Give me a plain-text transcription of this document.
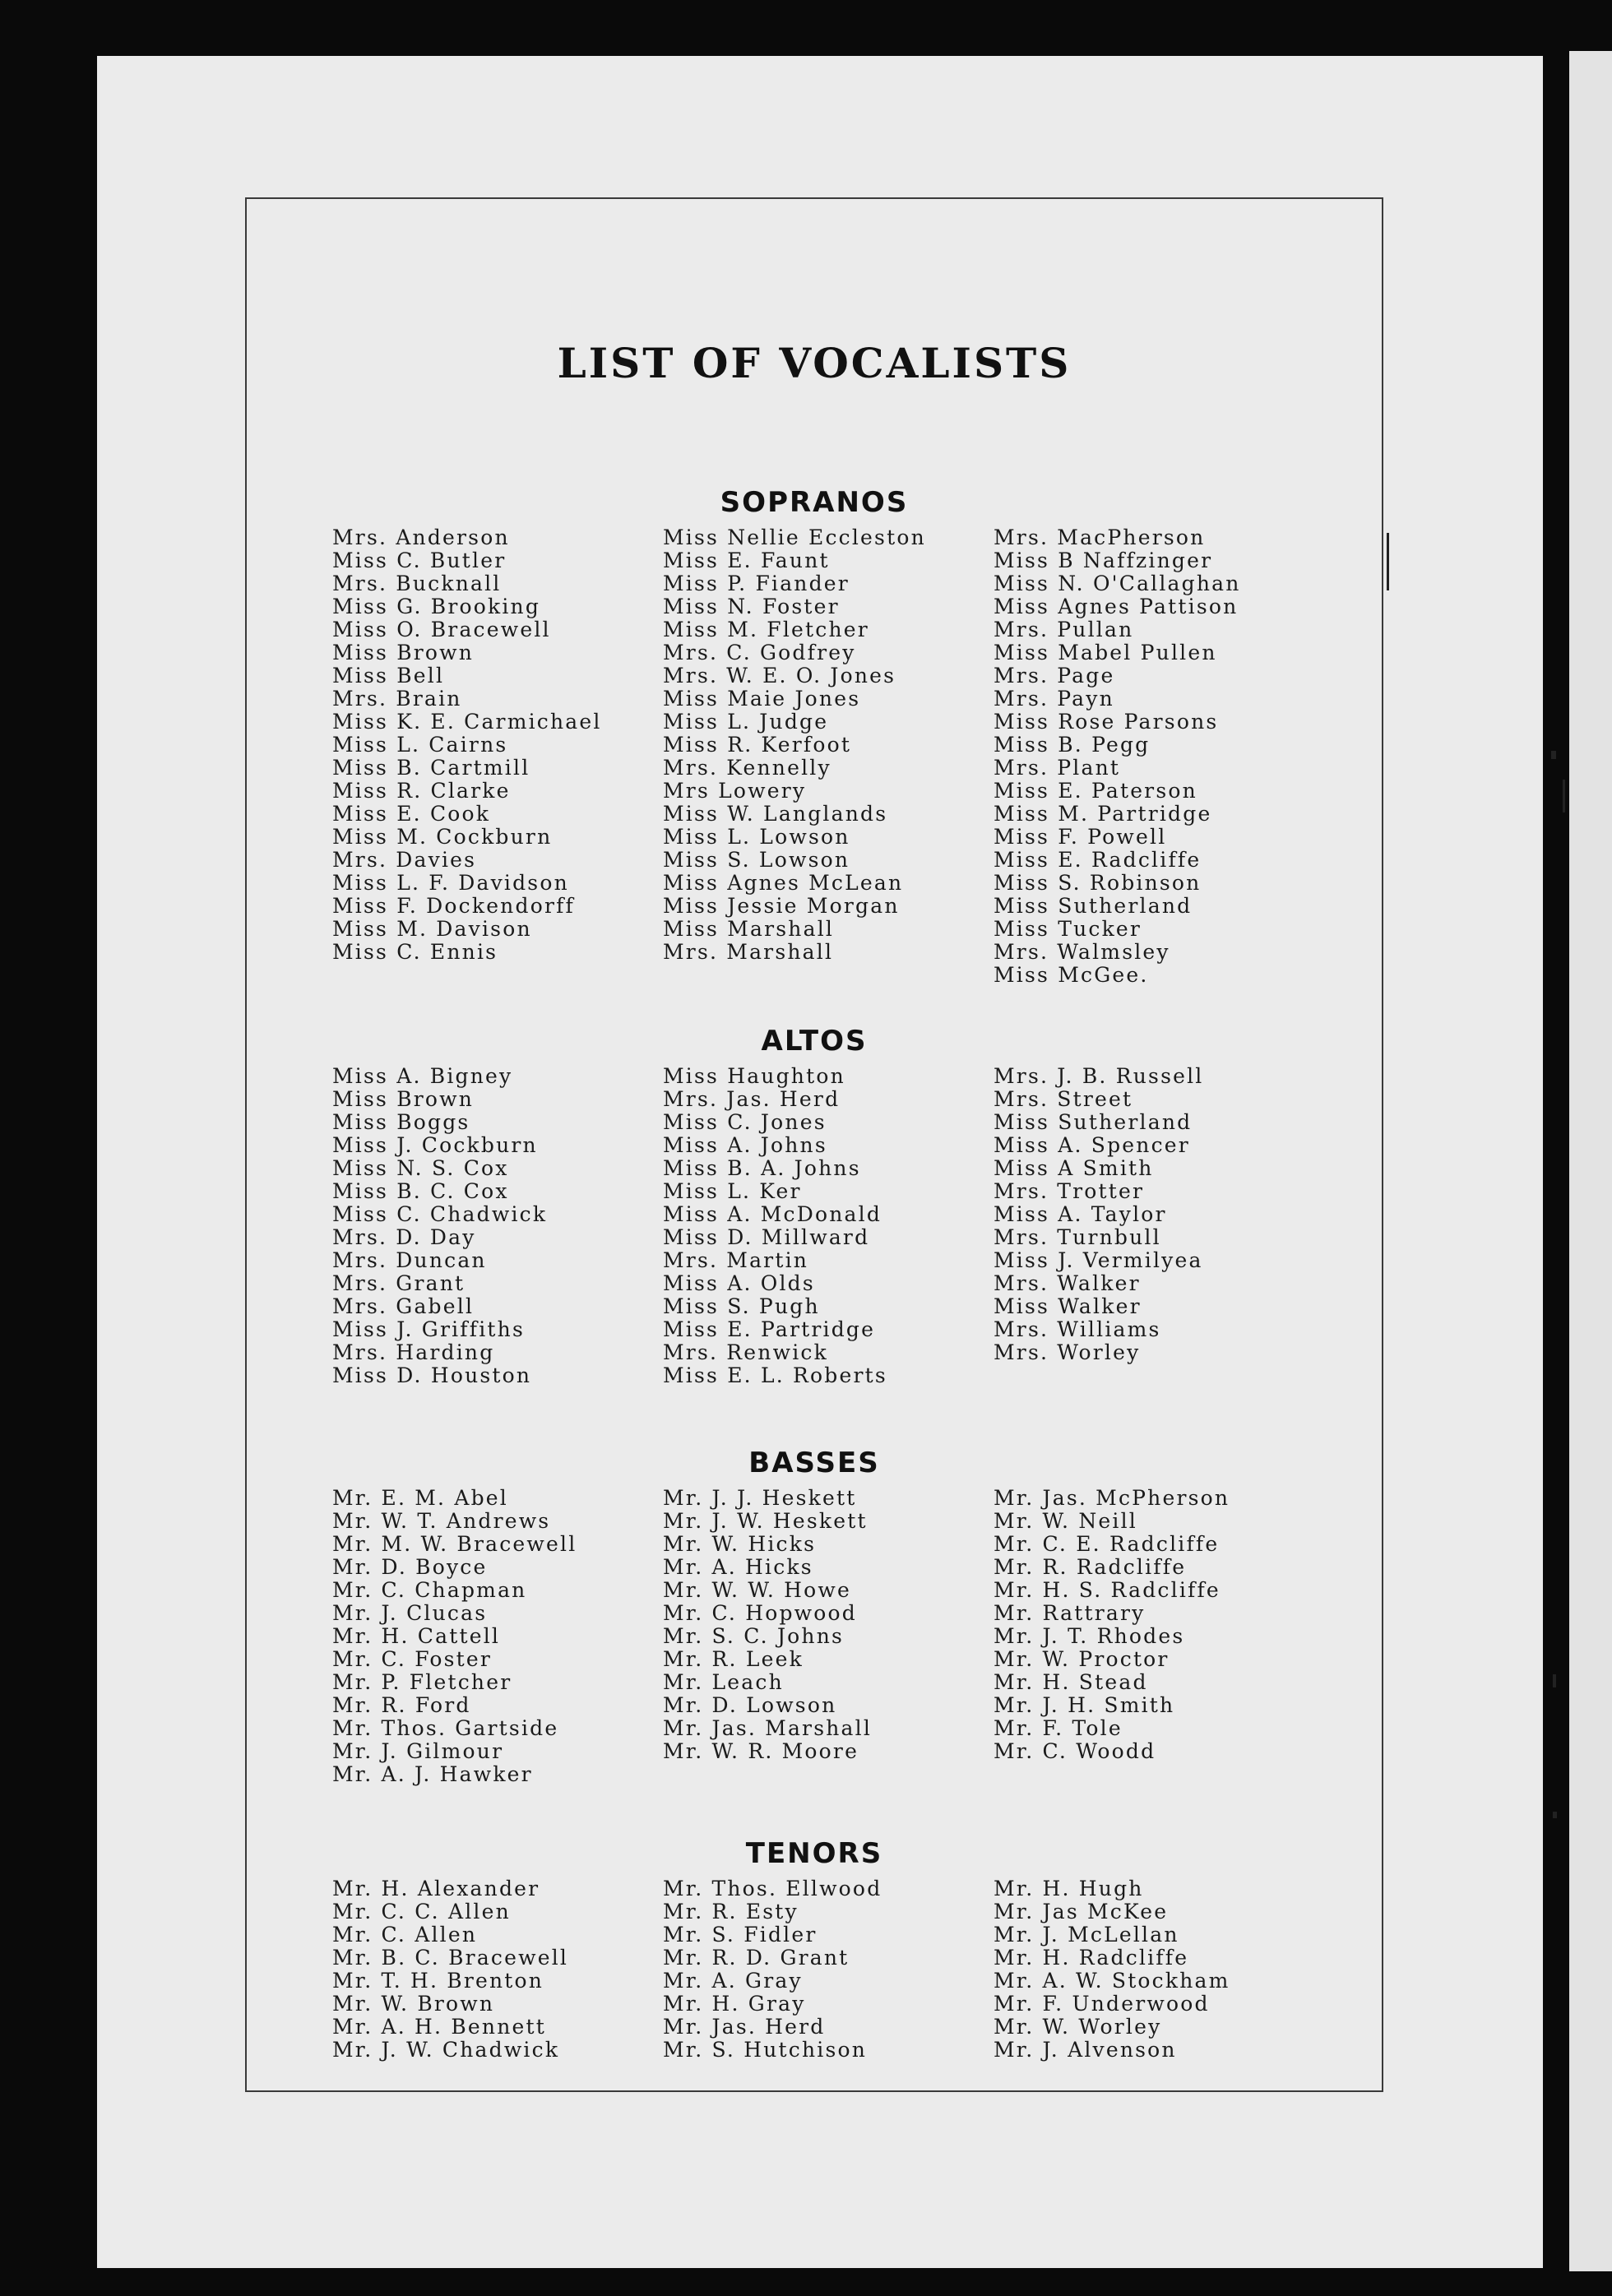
LIST OF VOCALISTS
SOPRANOS
Mrs. Anderson
Miss C. Butler
Mrs. Bucknall
Miss G. Brooking
Miss O. Bracewell
Miss Brown
Miss Bell
Mrs. Brain
Miss K. E. Carmichael
Miss L. Cairns
Miss B. Cartmill
Miss R. Clarke
Miss E. Cook
Miss M. Cockburn
Mrs. Davies
Miss L. F. Davidson
Miss F. Dockendorff
Miss M. Davison
Miss C. Ennis
Miss Nellie Eccleston
Miss E. Faunt
Miss P. Fiander
Miss N. Foster
Miss M. Fletcher
Mrs. C. Godfrey
Mrs. W. E. O. Jones
Miss Maie Jones
Miss L. Judge
Miss R. Kerfoot
Mrs. Kennelly
Mrs Lowery
Miss W. Langlands
Miss L. Lowson
Miss S. Lowson
Miss Agnes McLean
Miss Jessie Morgan
Miss Marshall
Mrs. Marshall
Mrs. MacPherson
Miss B Naffzinger
Miss N. O'Callaghan
Miss Agnes Pattison
Mrs. Pullan
Miss Mabel Pullen
Mrs. Page
Mrs. Payn
Miss Rose Parsons
Miss B. Pegg
Mrs. Plant
Miss E. Paterson
Miss M. Partridge
Miss F. Powell
Miss E. Radcliffe
Miss S. Robinson
Miss Sutherland
Miss Tucker
Mrs. Walmsley
Miss McGee.
ALTOS
Miss A. Bigney
Miss Brown
Miss Boggs
Miss J. Cockburn
Miss N. S. Cox
Miss B. C. Cox
Miss C. Chadwick
Mrs. D. Day
Mrs. Duncan
Mrs. Grant
Mrs. Gabell
Miss J. Griffiths
Mrs. Harding
Miss D. Houston
Miss Haughton
Mrs. Jas. Herd
Miss C. Jones
Miss A. Johns
Miss B. A. Johns
Miss L. Ker
Miss A. McDonald
Miss D. Millward
Mrs. Martin
Miss A. Olds
Miss S. Pugh
Miss E. Partridge
Mrs. Renwick
Miss E. L. Roberts
Mrs. J. B. Russell
Mrs. Street
Miss Sutherland
Miss A. Spencer
Miss A Smith
Mrs. Trotter
Miss A. Taylor
Mrs. Turnbull
Miss J. Vermilyea
Mrs. Walker
Miss Walker
Mrs. Williams
Mrs. Worley
BASSES
Mr. E. M. Abel
Mr. W. T. Andrews
Mr. M. W. Bracewell
Mr. D. Boyce
Mr. C. Chapman
Mr. J. Clucas
Mr. H. Cattell
Mr. C. Foster
Mr. P. Fletcher
Mr. R. Ford
Mr. Thos. Gartside
Mr. J. Gilmour
Mr. A. J. Hawker
Mr. J. J. Heskett
Mr. J. W. Heskett
Mr. W. Hicks
Mr. A. Hicks
Mr. W. W. Howe
Mr. C. Hopwood
Mr. S. C. Johns
Mr. R. Leek
Mr. Leach
Mr. D. Lowson
Mr. Jas. Marshall
Mr. W. R. Moore
Mr. Jas. McPherson
Mr. W. Neill
Mr. C. E. Radcliffe
Mr. R. Radcliffe
Mr. H. S. Radcliffe
Mr. Rattrary
Mr. J. T. Rhodes
Mr. W. Proctor
Mr. H. Stead
Mr. J. H. Smith
Mr. F. Tole
Mr. C. Woodd
TENORS
Mr. H. Alexander
Mr. C. C. Allen
Mr. C. Allen
Mr. B. C. Bracewell
Mr. T. H. Brenton
Mr. W. Brown
Mr. A. H. Bennett
Mr. J. W. Chadwick
Mr. Thos. Ellwood
Mr. R. Esty
Mr. S. Fidler
Mr. R. D. Grant
Mr. A. Gray
Mr. H. Gray
Mr. Jas. Herd
Mr. S. Hutchison
Mr. H. Hugh
Mr. Jas McKee
Mr. J. McLellan
Mr. H. Radcliffe
Mr. A. W. Stockham
Mr. F. Underwood
Mr. W. Worley
Mr. J. Alvenson
